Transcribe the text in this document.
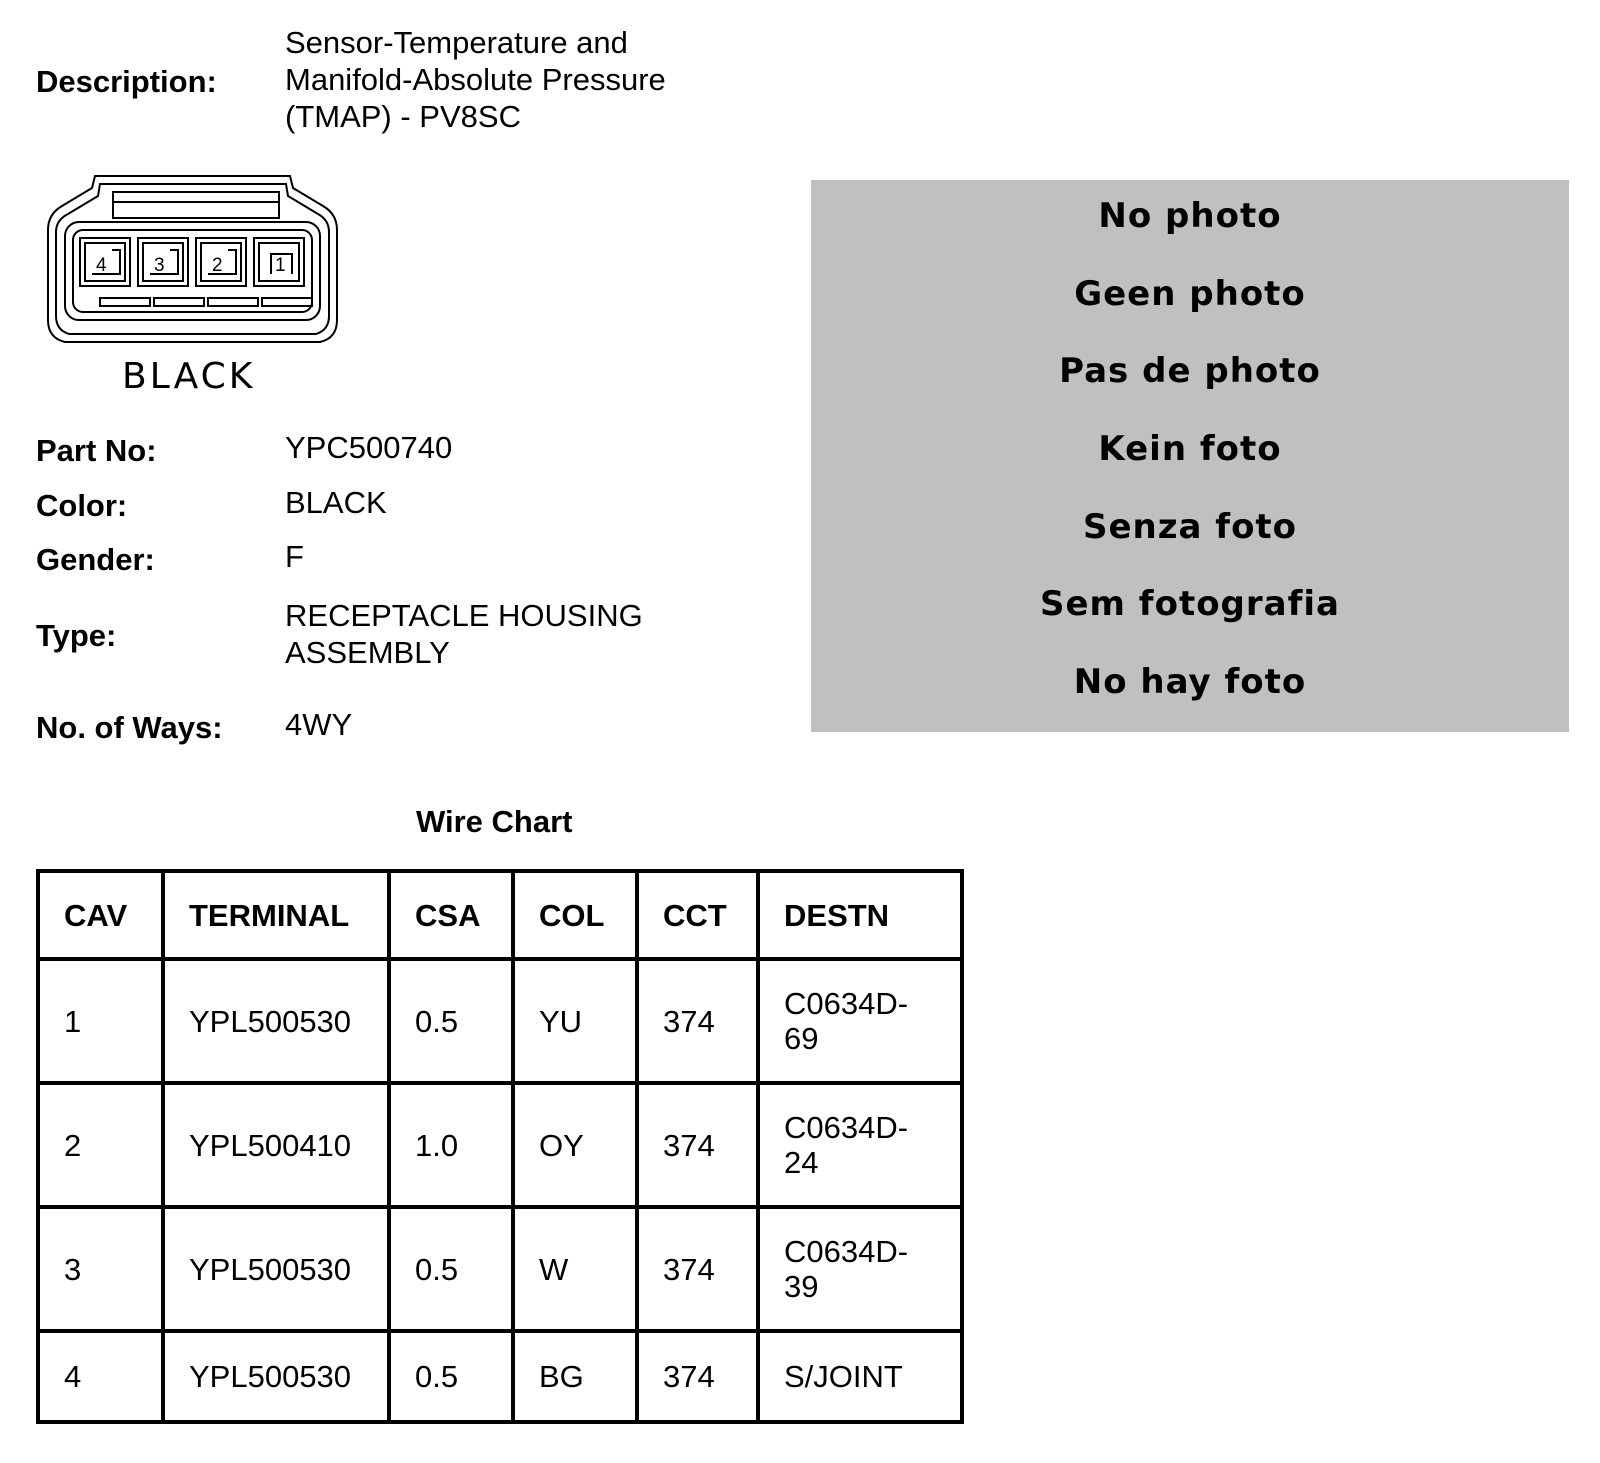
Description:
Sensor-Temperature and
Manifold-Absolute Pressure
(TMAP) - PV8SC
4 3 2	1
BLACK
Part No:	YPC500740
Color:	BLACK
Gender:	F
Type:
RECEPTACLE HOUSING
ASSEMBLY
No. of Ways: 4WY
No photo
Geen photo
Pas de photo
Kein foto
Senza foto
Sem fotografia
No hay foto
Wire Chart
CAV	TERMINAL	CSA	COL	CCT	DESTN
1	YPL500530	0.5	YU	374	C0634D-
69

2	YPL500410	1.0	OY	374	C0634D-
24

3	YPL500530	0.5	W	374	C0634D-
39

4	YPL500530	0.5	BG	374	S/JOINT
